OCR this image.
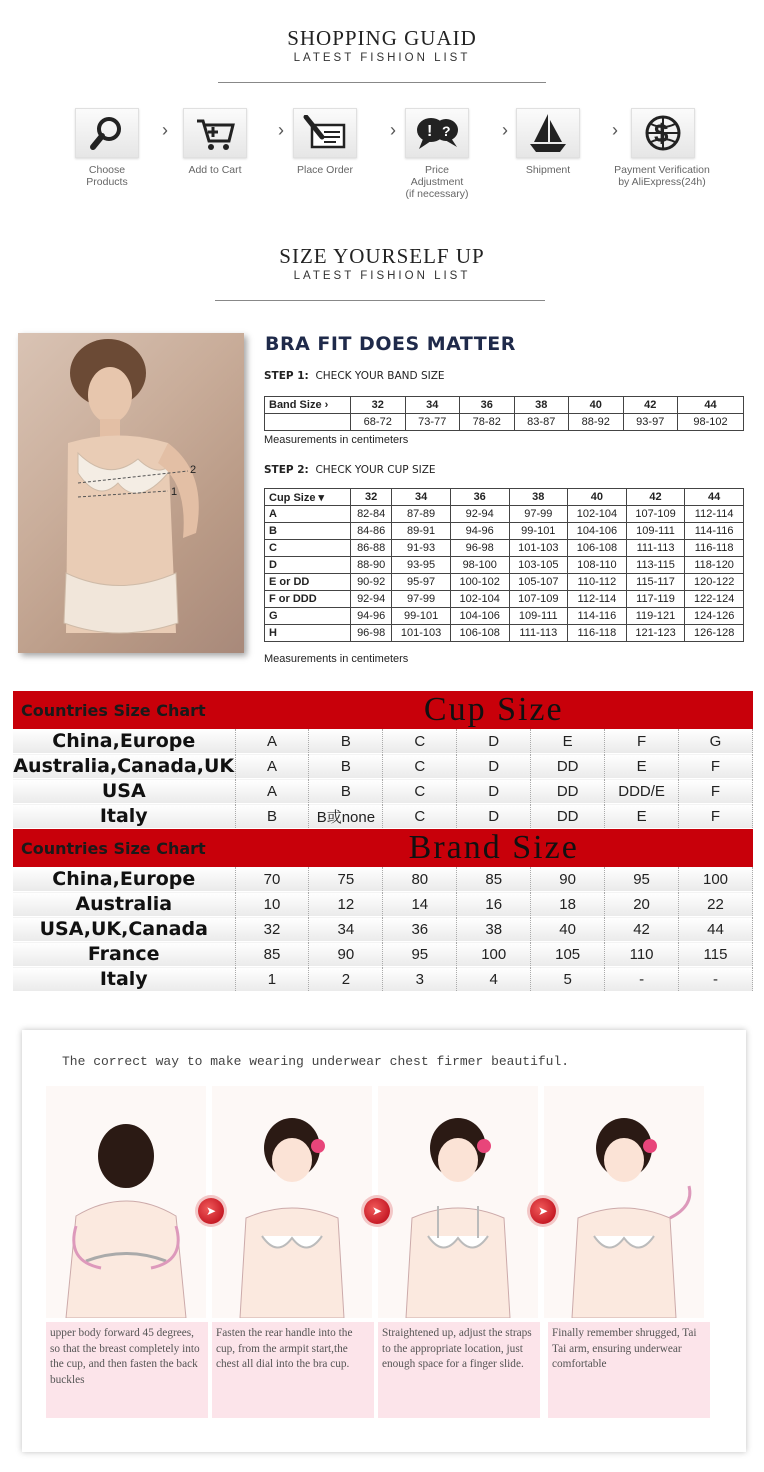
SHOPPING GUAID
LATEST FISHION LIST
Choose Products
›
Add to Cart
›
Place Order
› ! ?
Price Adjustment
(if necessary)
›
Shipment
› $
Payment Verification
by AliExpress(24h)
SIZE YOURSELF UP
LATEST FISHION LIST
2
1
BRA FIT DOES MATTER
STEP 1: CHECK YOUR BAND SIZE
Band Size ›	32	34	36	38	40	42	44
	68-72	73-77	78-82	83-87	88-92	93-97	98-102
Measurements in centimeters
STEP 2: CHECK YOUR CUP SIZE
Cup Size ▾	32	34	36	38	40	42	44
A	82-84	87-89	92-94	97-99	102-104	107-109	112-114
B	84-86	89-91	94-96	99-101	104-106	109-111	114-116
C	86-88	91-93	96-98	101-103	106-108	111-113	116-118
D	88-90	93-95	98-100	103-105	108-110	113-115	118-120
E or DD	90-92	95-97	100-102	105-107	110-112	115-117	120-122
F or DDD	92-94	97-99	102-104	107-109	112-114	117-119	122-124
G	94-96	99-101	104-106	109-111	114-116	119-121	124-126
H	96-98	101-103	106-108	111-113	116-118	121-123	126-128
Measurements in centimeters
Countries Size Chart	Cup Size						
China,Europe	A	B	C	D	E	F	G
Australia,Canada,UK	A	B	C	D	DD	E	F
USA	A	B	C	D	DD	DDD/E	F
Italy	B	B或none	C	D	DD	E	F
Countries Size Chart	Brand Size						
China,Europe	70	75	80	85	90	95	100
Australia	10	12	14	16	18	20	22
USA,UK,Canada	32	34	36	38	40	42	44
France	85	90	95	100	105	110	115
Italy	1	2	3	4	5	-	-
The correct way to make wearing underwear chest firmer beautiful.
➤	➤	➤
upper body forward 45 degrees, so that the breast completely into the cup, and then fasten the back buckles
Fasten the rear handle into the cup, from the armpit start,the chest all dial into the bra cup.
Straightened up, adjust the straps to the appropriate location, just enough space for a finger slide.
Finally remember shrugged, Tai Tai arm, ensuring underwear comfortable
